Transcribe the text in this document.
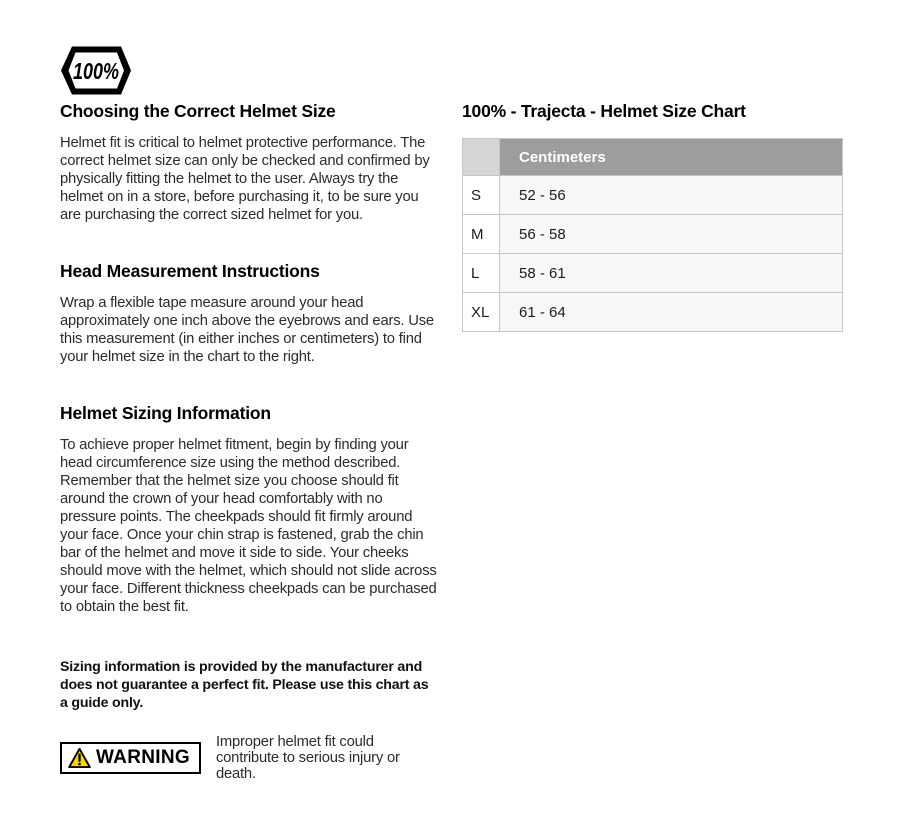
100%
Choosing the Correct Helmet Size

Helmet fit is critical to helmet protective performance. The correct helmet size can only be checked and confirmed by physically fitting the helmet to the user. Always try the helmet on in a store, before purchasing it, to be sure you are purchasing the correct sized helmet for you.

Head Measurement Instructions

Wrap a flexible tape measure around your head approximately one inch above the eyebrows and ears. Use this measurement (in either inches or centimeters) to find your helmet size in the chart to the right.

Helmet Sizing Information

To achieve proper helmet fitment, begin by finding your head circumference size using the method described. Remember that the helmet size you choose should fit around the crown of your head comfortably with no pressure points. The cheekpads should fit firmly around your face. Once your chin strap is fastened, grab the chin bar of the helmet and move it side to side. Your cheeks should move with the helmet, which should not slide across your face. Different thickness cheekpads can be purchased to obtain the best fit.

Sizing information is provided by the manufacturer and does not guarantee a perfect fit. Please use this chart as a guide only.

WARNING
Improper helmet fit could contribute to serious injury or death.
100% - Trajecta - Helmet Size Chart
	Centimeters
S	52 - 56
M	56 - 58
L	58 - 61
XL	61 - 64
